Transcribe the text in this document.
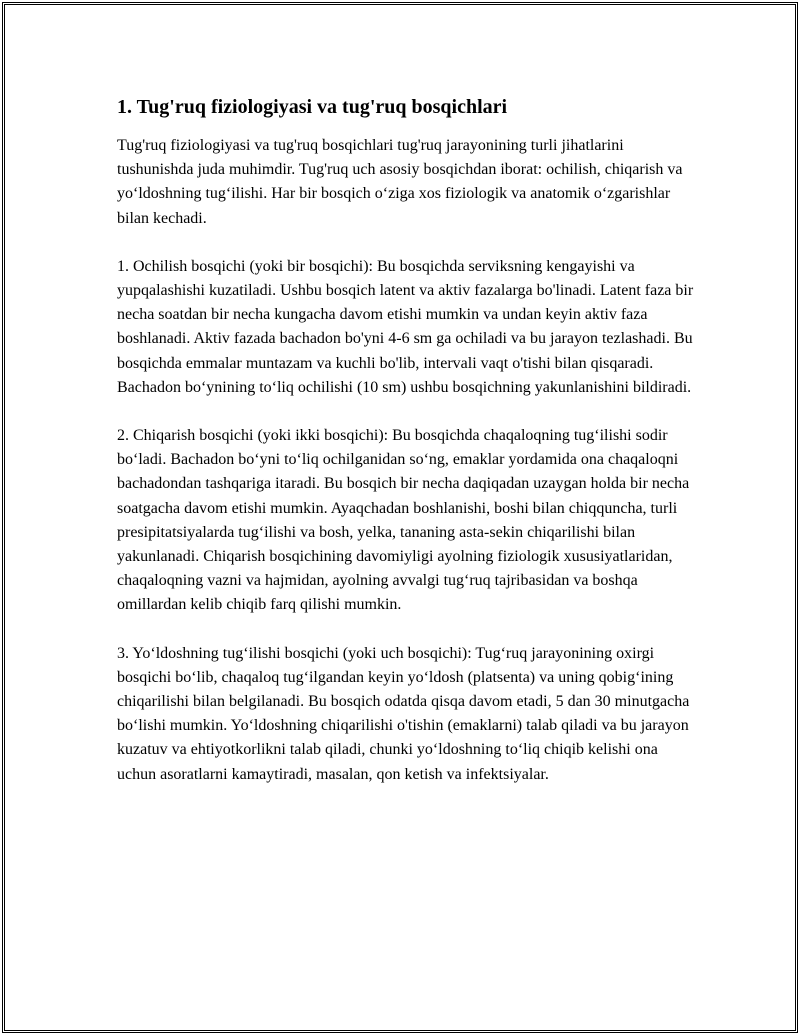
1. Tug'ruq fiziologiyasi va tug'ruq bosqichlari

Tug'ruq fiziologiyasi va tug'ruq bosqichlari tug'ruq jarayonining turli jihatlarini tushunishda juda muhimdir. Tug'ruq uch asosiy bosqichdan iborat: ochilish, chiqarish va yo‘ldoshning tug‘ilishi. Har bir bosqich o‘ziga xos fiziologik va anatomik o‘zgarishlar bilan kechadi.

1. Ochilish bosqichi (yoki bir bosqichi): Bu bosqichda serviksning kengayishi va yupqalashishi kuzatiladi. Ushbu bosqich latent va aktiv fazalarga bo'linadi. Latent faza bir necha soatdan bir necha kungacha davom etishi mumkin va undan keyin aktiv faza boshlanadi. Aktiv fazada bachadon bo'yni 4-6 sm ga ochiladi va bu jarayon tezlashadi. Bu bosqichda emmalar muntazam va kuchli bo'lib, intervali vaqt o'tishi bilan qisqaradi. Bachadon bo‘ynining to‘liq ochilishi (10 sm) ushbu bosqichning yakunlanishini bildiradi.

2. Chiqarish bosqichi (yoki ikki bosqichi): Bu bosqichda chaqaloqning tug‘ilishi sodir bo‘ladi. Bachadon bo‘yni to‘liq ochilganidan so‘ng, emaklar yordamida ona chaqaloqni bachadondan tashqariga itaradi. Bu bosqich bir necha daqiqadan uzaygan holda bir necha soatgacha davom etishi mumkin. Ayaqchadan boshlanishi, boshi bilan chiqquncha, turli presipitatsiyalarda tug‘ilishi va bosh, yelka, tananing asta-sekin chiqarilishi bilan yakunlanadi. Chiqarish bosqichining davomiyligi ayolning fiziologik xususiyatlaridan, chaqaloqning vazni va hajmidan, ayolning avvalgi tug‘ruq tajribasidan va boshqa omillardan kelib chiqib farq qilishi mumkin.

3. Yo‘ldoshning tug‘ilishi bosqichi (yoki uch bosqichi): Tug‘ruq jarayonining oxirgi bosqichi bo‘lib, chaqaloq tug‘ilgandan keyin yo‘ldosh (platsenta) va uning qobig‘ining chiqarilishi bilan belgilanadi. Bu bosqich odatda qisqa davom etadi, 5 dan 30 minutgacha bo‘lishi mumkin. Yo‘ldoshning chiqarilishi o'tishin (emaklarni) talab qiladi va bu jarayon kuzatuv va ehtiyotkorlikni talab qiladi, chunki yo‘ldoshning to‘liq chiqib kelishi ona uchun asoratlarni kamaytiradi, masalan, qon ketish va infektsiyalar.
